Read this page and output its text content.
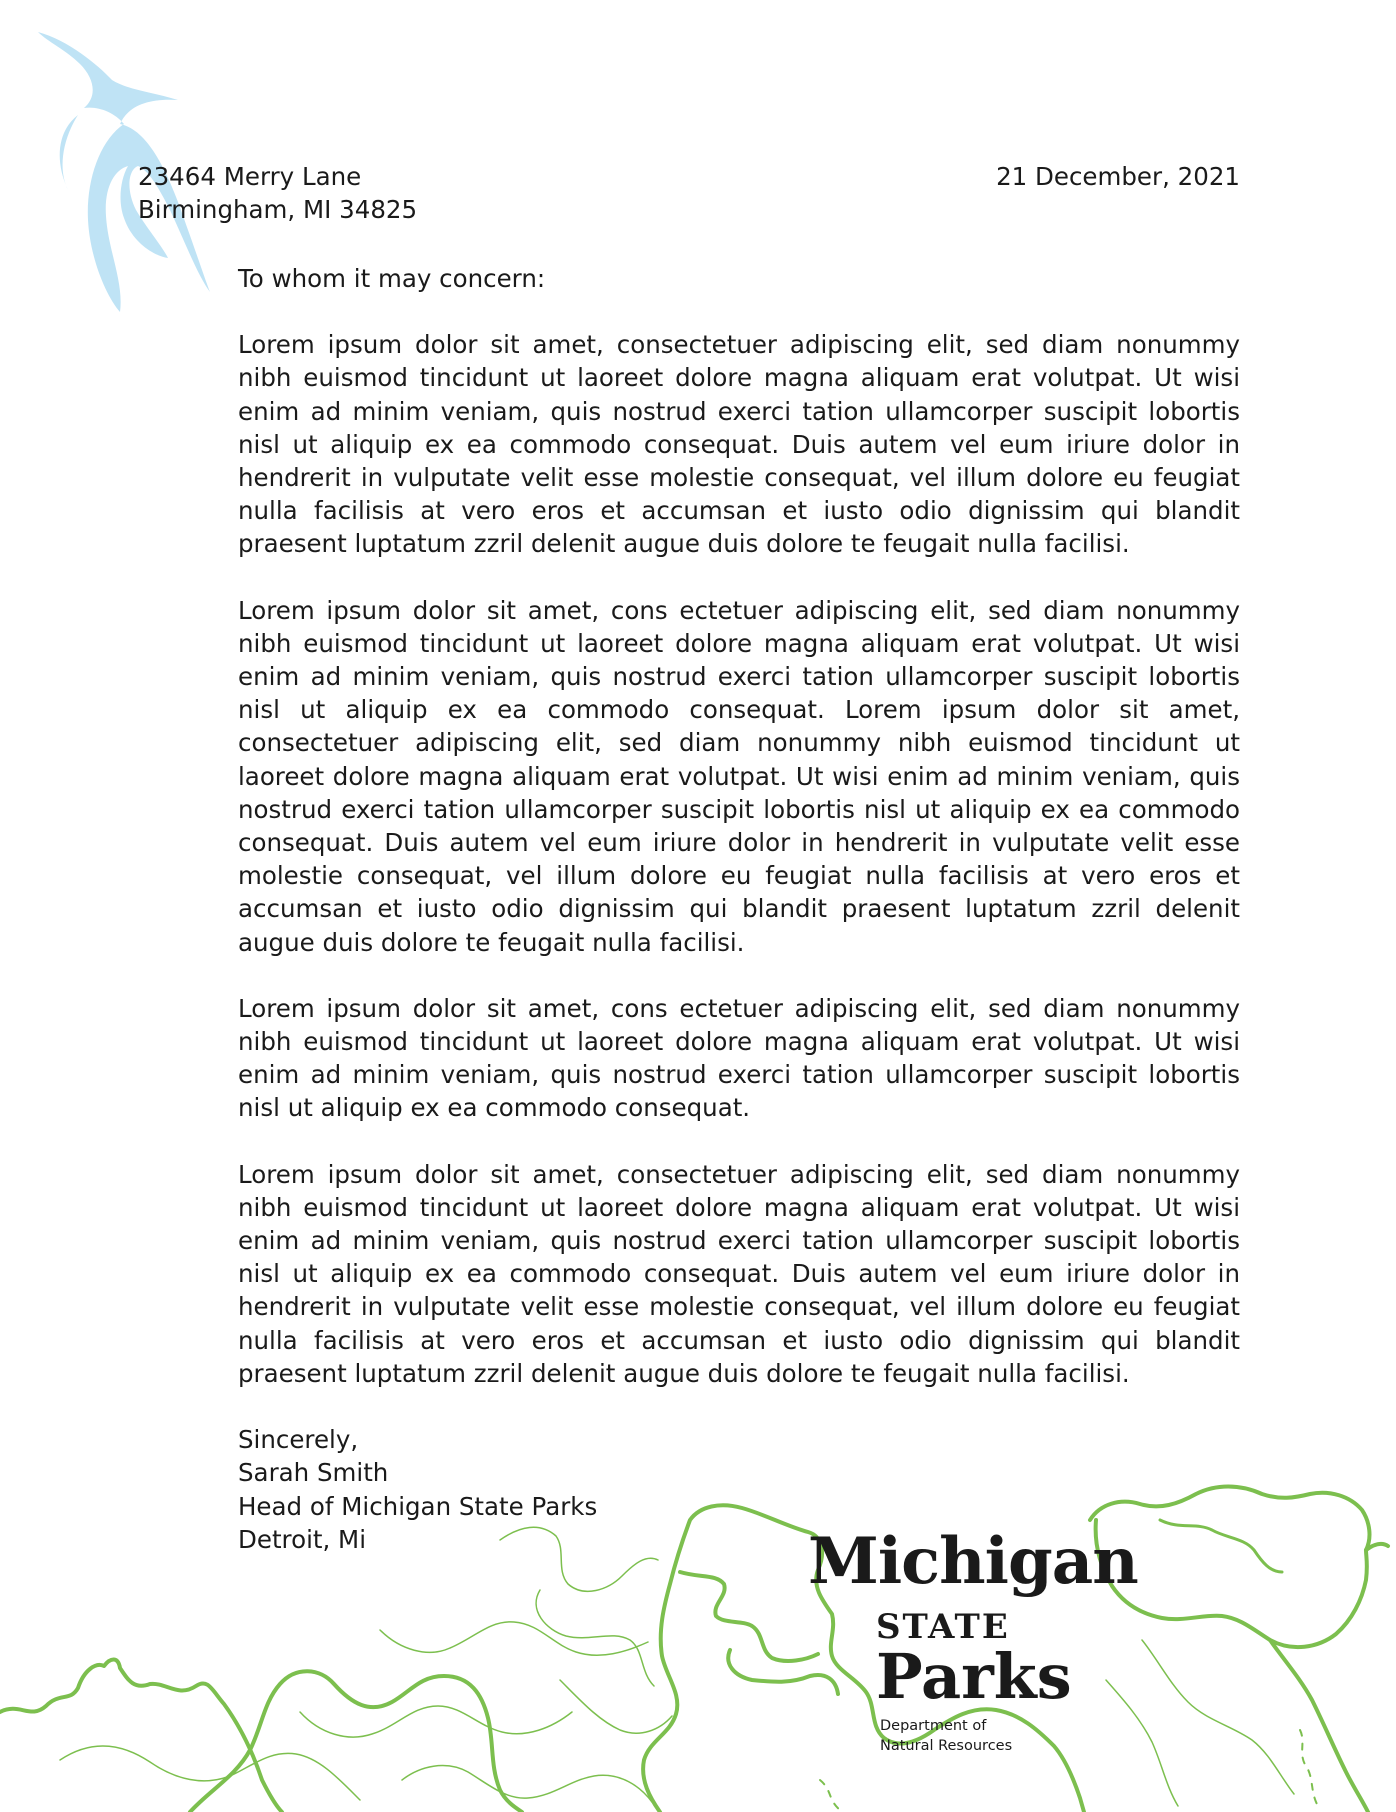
23464 Merry Lane
Birmingham, MI 34825
21 December, 2021

To whom it may concern:

Lorem ipsum dolor sit amet, consectetuer adipiscing elit, sed diam nonummy nibh euismod tincidunt ut laoreet dolore magna aliquam erat volutpat. Ut wisi enim ad minim veniam, quis nostrud exerci tation ullamcorper suscipit lobortis nisl ut aliquip ex ea commodo consequat. Duis autem vel eum iriure dolor in hendrerit in vulputate velit esse molestie consequat, vel illum dolore eu feugiat nulla facilisis at vero eros et accumsan et iusto odio dignissim qui blandit praesent luptatum zzril delenit augue duis dolore te feugait nulla facilisi.

Lorem ipsum dolor sit amet, cons ectetuer adipiscing elit, sed diam nonummy nibh euismod tincidunt ut laoreet dolore magna aliquam erat volutpat. Ut wisi enim ad minim veniam, quis nostrud exerci tation ullamcorper suscipit lobortis nisl ut aliquip ex ea commodo consequat. Lorem ipsum dolor sit amet, consectetuer adipiscing elit, sed diam nonummy nibh euismod tincidunt ut laoreet dolore magna aliquam erat volutpat. Ut wisi enim ad minim veniam, quis nostrud exerci tation ullamcorper suscipit lobortis nisl ut aliquip ex ea commodo consequat. Duis autem vel eum iriure dolor in hendrerit in vulputate velit esse molestie consequat, vel illum dolore eu feugiat nulla facilisis at vero eros et accumsan et iusto odio dignissim qui blandit praesent luptatum zzril delenit augue duis dolore te feugait nulla facilisi.

Lorem ipsum dolor sit amet, cons ectetuer adipiscing elit, sed diam nonummy nibh euismod tincidunt ut laoreet dolore magna aliquam erat volutpat. Ut wisi enim ad minim veniam, quis nostrud exerci tation ullamcorper suscipit lobortis nisl ut aliquip ex ea commodo consequat.

Lorem ipsum dolor sit amet, consectetuer adipiscing elit, sed diam nonummy nibh euismod tincidunt ut laoreet dolore magna aliquam erat volutpat. Ut wisi enim ad minim veniam, quis nostrud exerci tation ullamcorper suscipit lobortis nisl ut aliquip ex ea commodo consequat. Duis autem vel eum iriure dolor in hendrerit in vulputate velit esse molestie consequat, vel illum dolore eu feugiat nulla facilisis at vero eros et accumsan et iusto odio dignissim qui blandit praesent luptatum zzril delenit augue duis dolore te feugait nulla facilisi.

Sincerely,
Sarah Smith
Head of Michigan State Parks
Detroit, Mi	Michigan
STATE
Parks
Department of
Natural Resources
